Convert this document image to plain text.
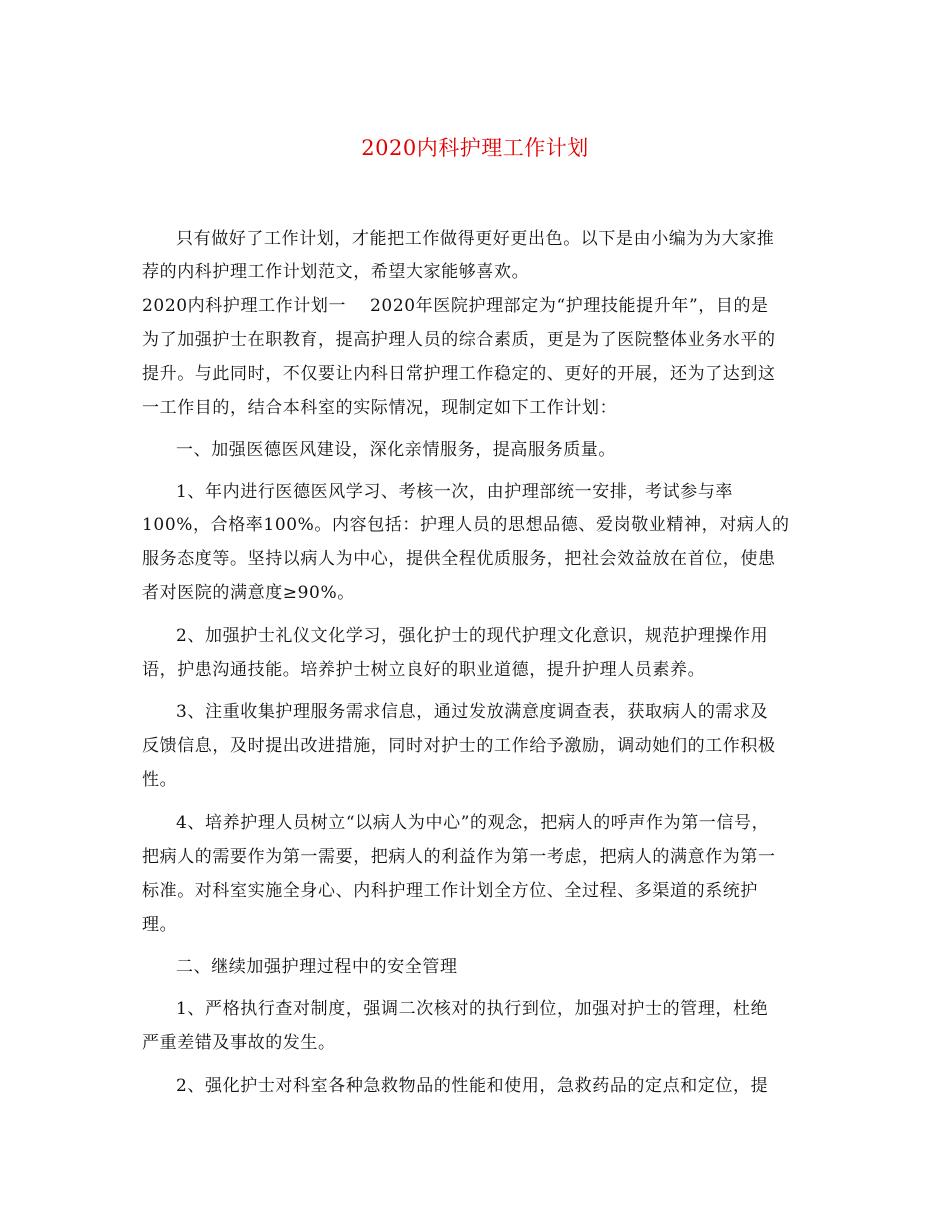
2020内科护理工作计划
只有做好了工作计划，才能把工作做得更好更出色。以下是由小编为为大家推
荐的内科护理工作计划范文，希望大家能够喜欢。
2020内科护理工作计划一 2020年医院护理部定为“护理技能提升年”，目的是
为了加强护士在职教育，提高护理人员的综合素质，更是为了医院整体业务水平的
提升。与此同时，不仅要让内科日常护理工作稳定的、更好的开展，还为了达到这
一工作目的，结合本科室的实际情况，现制定如下工作计划：
一、加强医德医风建设，深化亲情服务，提高服务质量。
1、年内进行医德医风学习、考核一次，由护理部统一安排，考试参与率
100%，合格率100%。内容包括：护理人员的思想品德、爱岗敬业精神，对病人的
服务态度等。坚持以病人为中心，提供全程优质服务，把社会效益放在首位，使患
者对医院的满意度≥90%。
2、加强护士礼仪文化学习，强化护士的现代护理文化意识，规范护理操作用
语，护患沟通技能。培养护士树立良好的职业道德，提升护理人员素养。
3、注重收集护理服务需求信息，通过发放满意度调查表，获取病人的需求及
反馈信息，及时提出改进措施，同时对护士的工作给予激励，调动她们的工作积极
性。
4、培养护理人员树立“以病人为中心”的观念，把病人的呼声作为第一信号，
把病人的需要作为第一需要，把病人的利益作为第一考虑，把病人的满意作为第一
标准。对科室实施全身心、内科护理工作计划全方位、全过程、多渠道的系统护
理。
二、继续加强护理过程中的安全管理
1、严格执行查对制度，强调二次核对的执行到位，加强对护士的管理，杜绝
严重差错及事故的发生。
2、强化护士对科室各种急救物品的性能和使用，急救药品的定点和定位，提
